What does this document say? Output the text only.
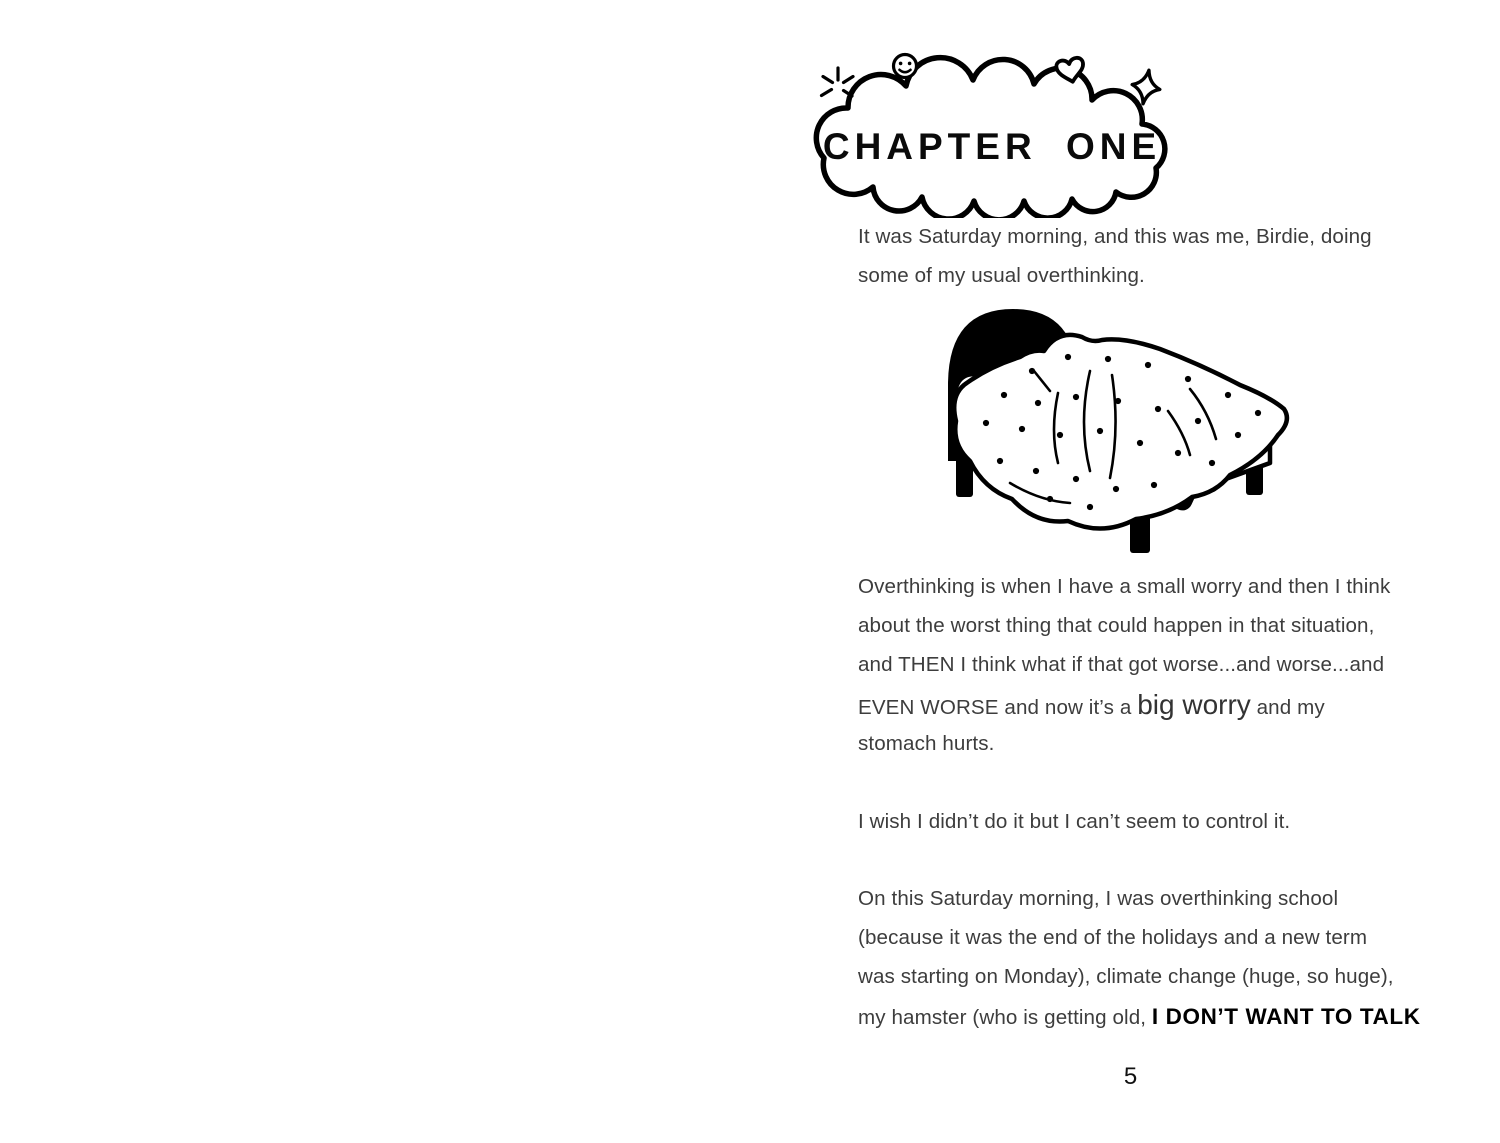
CHAPTER ONE
It was Saturday morning, and this was me, Birdie, doing
some of my usual overthinking.
Overthinking is when I have a small worry and then I think
about the worst thing that could happen in that situation,
and THEN I think what if that got worse...and worse...and
EVEN WORSE and now it’s a big worry and my
stomach hurts.
I wish I didn’t do it but I can’t seem to control it.
On this Saturday morning, I was overthinking school
(because it was the end of the holidays and a new term
was starting on Monday), climate change (huge, so huge),
my hamster (who is getting old, I DON’T WANT TO TALK
5
